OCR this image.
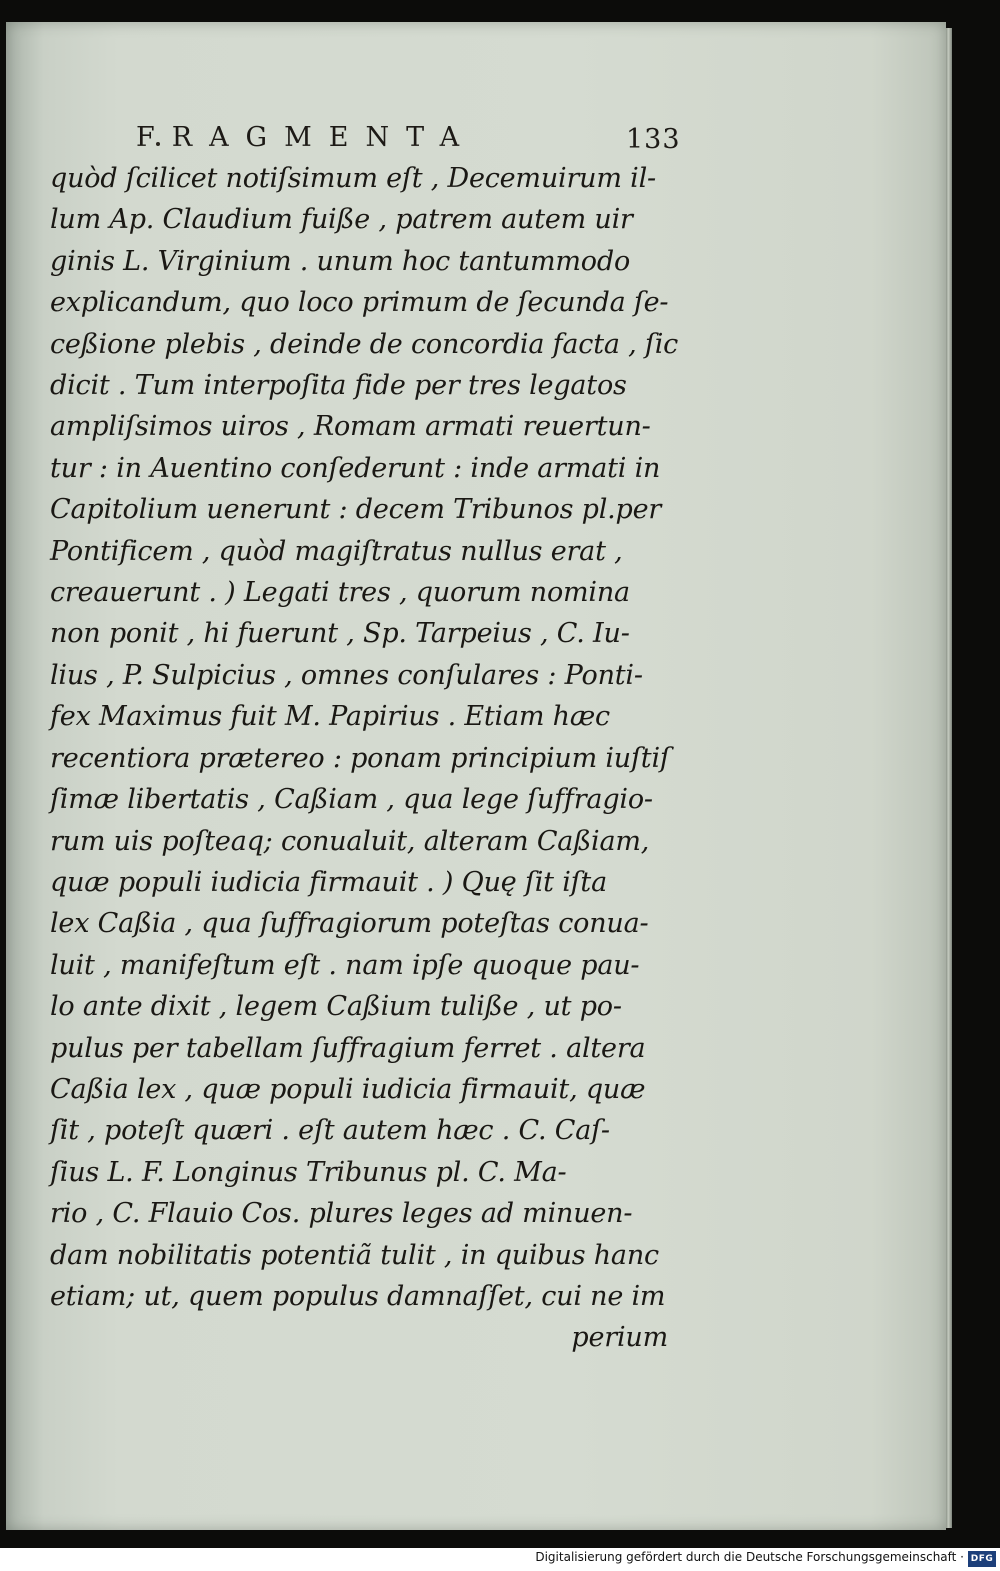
FRAGMENTA	133
quòd ſcilicet notiſsimum eſt , Decemuirum il-
lum Ap. Claudium fuiße , patrem autem uir
ginis L. Virginium . unum hoc tantummodo
explicandum, quo loco primum de ſecunda ſe-
ceßione plebis , deinde de concordia facta , ſic
dicit . Tum interpoſita fide per tres legatos
ampliſsimos uiros , Romam armati reuertun-
tur : in Auentino conſederunt : inde armati in
Capitolium uenerunt : decem Tribunos pl.per
Pontificem , quòd magiſtratus nullus erat ,
creauerunt . ) Legati tres , quorum nomina
non ponit , hi fuerunt , Sp. Tarpeius , C. Iu-
lius , P. Sulpicius , omnes conſulares : Ponti-
fex Maximus fuit M. Papirius . Etiam hæc
recentiora prætereo : ponam principium iuſtiſ
ſimæ libertatis , Caßiam , qua lege ſuffragio-
rum uis poſteaq; conualuit, alteram Caßiam,
quæ populi iudicia firmauit . ) Quę ſit iſta
lex Caßia , qua ſuffragiorum poteſtas conua-
luit , manifeſtum eſt . nam ipſe quoque pau-
lo ante dixit , legem Caßium tuliße , ut po-
pulus per tabellam ſuffragium ferret . altera
Caßia lex , quæ populi iudicia firmauit, quæ
ſit , poteſt quæri . eſt autem hæc . C. Caſ-
ſius L. F. Longinus Tribunus pl. C. Ma-
rio , C. Flauio Cos. plures leges ad minuen-
dam nobilitatis potentiã tulit , in quibus hanc
etiam; ut, quem populus damnaſſet, cui ne im
perium
Digitalisierung gefördert durch die Deutsche Forschungsgemeinschaft · DFG
